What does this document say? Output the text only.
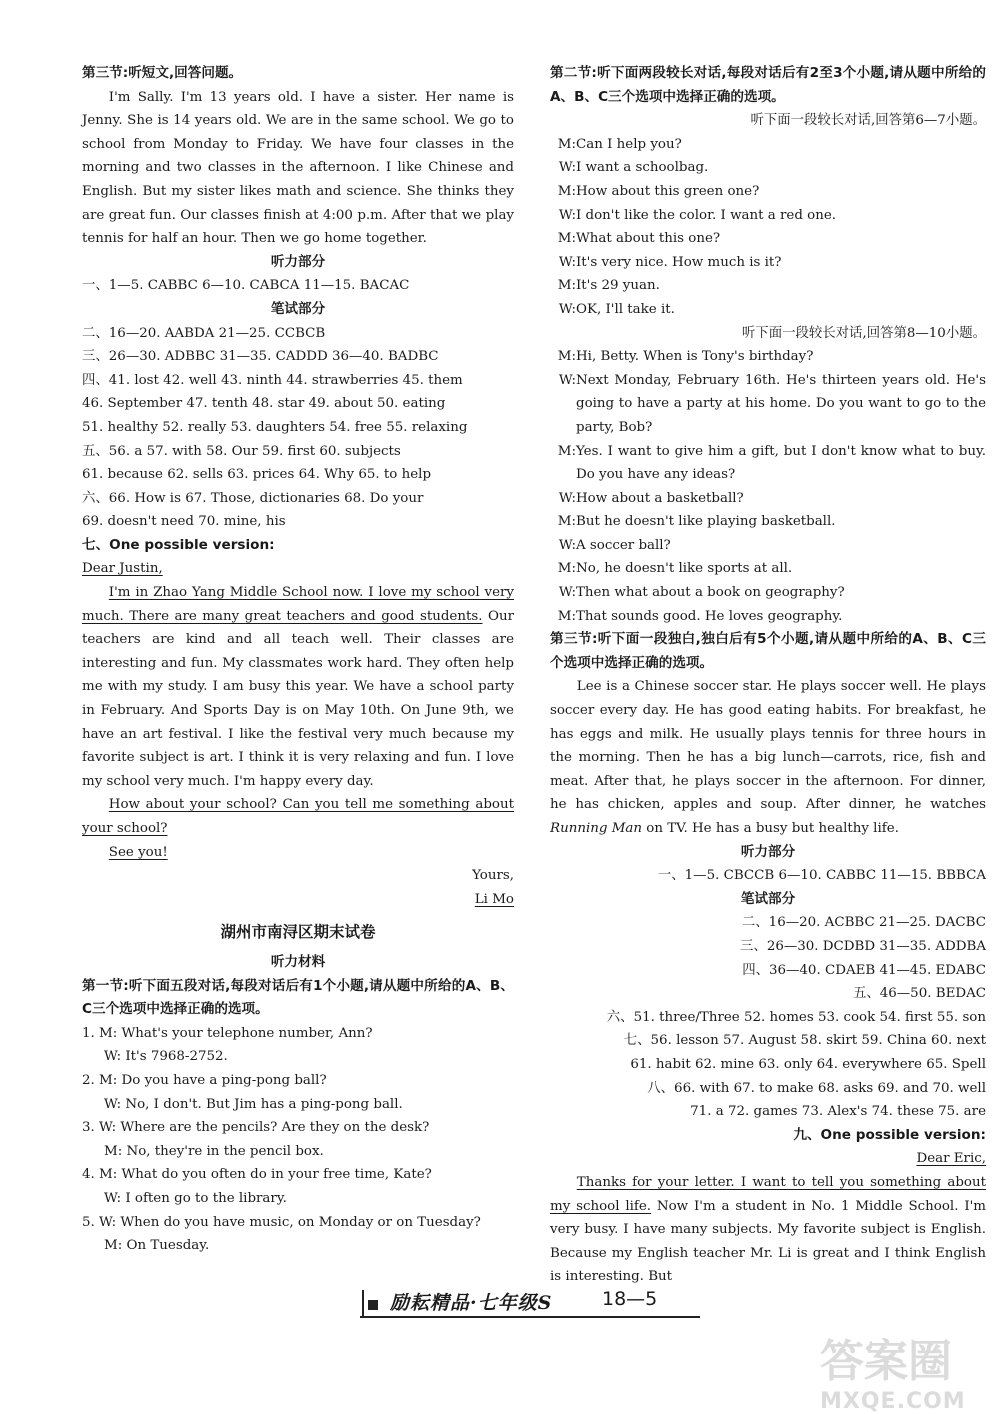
第三节:听短文,回答问题。
I'm Sally. I'm 13 years old. I have a sister. Her name is Jenny. She is 14 years old. We are in the same school. We go to school from Monday to Friday. We have four classes in the morning and two classes in the afternoon. I like Chinese and English. But my sister likes math and science. She thinks they are great fun. Our classes finish at 4:00 p.m. After that we play tennis for half an hour. Then we go home together.
听力部分
一、1—5. CABBC 6—10. CABCA 11—15. BACAC
笔试部分
二、16—20. AABDA 21—25. CCBCB
三、26—30. ADBBC 31—35. CADDD 36—40. BADBC
四、41. lost 42. well 43. ninth 44. strawberries 45. them
46. September 47. tenth 48. star 49. about 50. eating
51. healthy 52. really 53. daughters 54. free 55. relaxing
五、56. a 57. with 58. Our 59. first 60. subjects
61. because 62. sells 63. prices 64. Why 65. to help
六、66. How is 67. Those, dictionaries 68. Do your
69. doesn't need 70. mine, his
七、One possible version:
Dear Justin,
I'm in Zhao Yang Middle School now. I love my school very much. There are many great teachers and good students. Our teachers are kind and all teach well. Their classes are interesting and fun. My classmates work hard. They often help me with my study. I am busy this year. We have a school party in February. And Sports Day is on May 10th. On June 9th, we have an art festival. I like the festival very much because my favorite subject is art. I think it is very relaxing and fun. I love my school very much. I'm happy every day.
How about your school? Can you tell me something about your school?
See you!
Yours,
Li Mo
湖州市南浔区期末试卷
听力材料
第一节:听下面五段对话,每段对话后有1个小题,请从题中所给的A、B、C三个选项中选择正确的选项。
1. M: What's your telephone number, Ann?
W: It's 7968-2752.
2. M: Do you have a ping-pong ball?
W: No, I don't. But Jim has a ping-pong ball.
3. W: Where are the pencils? Are they on the desk?
M: No, they're in the pencil box.
4. M: What do you often do in your free time, Kate?
W: I often go to the library.
5. W: When do you have music, on Monday or on Tuesday?
M: On Tuesday.
第二节:听下面两段较长对话,每段对话后有2至3个小题,请从题中所给的A、B、C三个选项中选择正确的选项。
听下面一段较长对话,回答第6—7小题。
M: Can I help you?
W: I want a schoolbag.
M: How about this green one?
W: I don't like the color. I want a red one.
M: What about this one?
W: It's very nice. How much is it?
M: It's 29 yuan.
W: OK, I'll take it.
听下面一段较长对话,回答第8—10小题。
M: Hi, Betty. When is Tony's birthday?
W: Next Monday, February 16th. He's thirteen years old. He's going to have a party at his home. Do you want to go to the party, Bob?
M: Yes. I want to give him a gift, but I don't know what to buy. Do you have any ideas?
W: How about a basketball?
M: But he doesn't like playing basketball.
W: A soccer ball?
M: No, he doesn't like sports at all.
W: Then what about a book on geography?
M: That sounds good. He loves geography.
第三节:听下面一段独白,独白后有5个小题,请从题中所给的A、B、C三个选项中选择正确的选项。
Lee is a Chinese soccer star. He plays soccer well. He plays soccer every day. He has good eating habits. For breakfast, he has eggs and milk. He usually plays tennis for three hours in the morning. Then he has a big lunch—carrots, rice, fish and meat. After that, he plays soccer in the afternoon. For dinner, he has chicken, apples and soup. After dinner, he watches Running Man on TV. He has a busy but healthy life.
听力部分
一、1—5. CBCCB 6—10. CABBC 11—15. BBBCA
笔试部分
二、16—20. ACBBC 21—25. DACBC
三、26—30. DCDBD 31—35. ADDBA
四、36—40. CDAEB 41—45. EDABC
五、46—50. BEDAC
六、51. three/Three 52. homes 53. cook 54. first 55. son
七、56. lesson 57. August 58. skirt 59. China 60. next
61. habit 62. mine 63. only 64. everywhere 65. Spell
八、66. with 67. to make 68. asks 69. and 70. well
71. a 72. games 73. Alex's 74. these 75. are
九、One possible version:
Dear Eric,
Thanks for your letter. I want to tell you something about my school life. Now I'm a student in No. 1 Middle School. I'm very busy. I have many subjects. My favorite subject is English. Because my English teacher Mr. Li is great and I think English is interesting. But
励耘精品·七年级S	18—5
答案圈
MXQE.COM
